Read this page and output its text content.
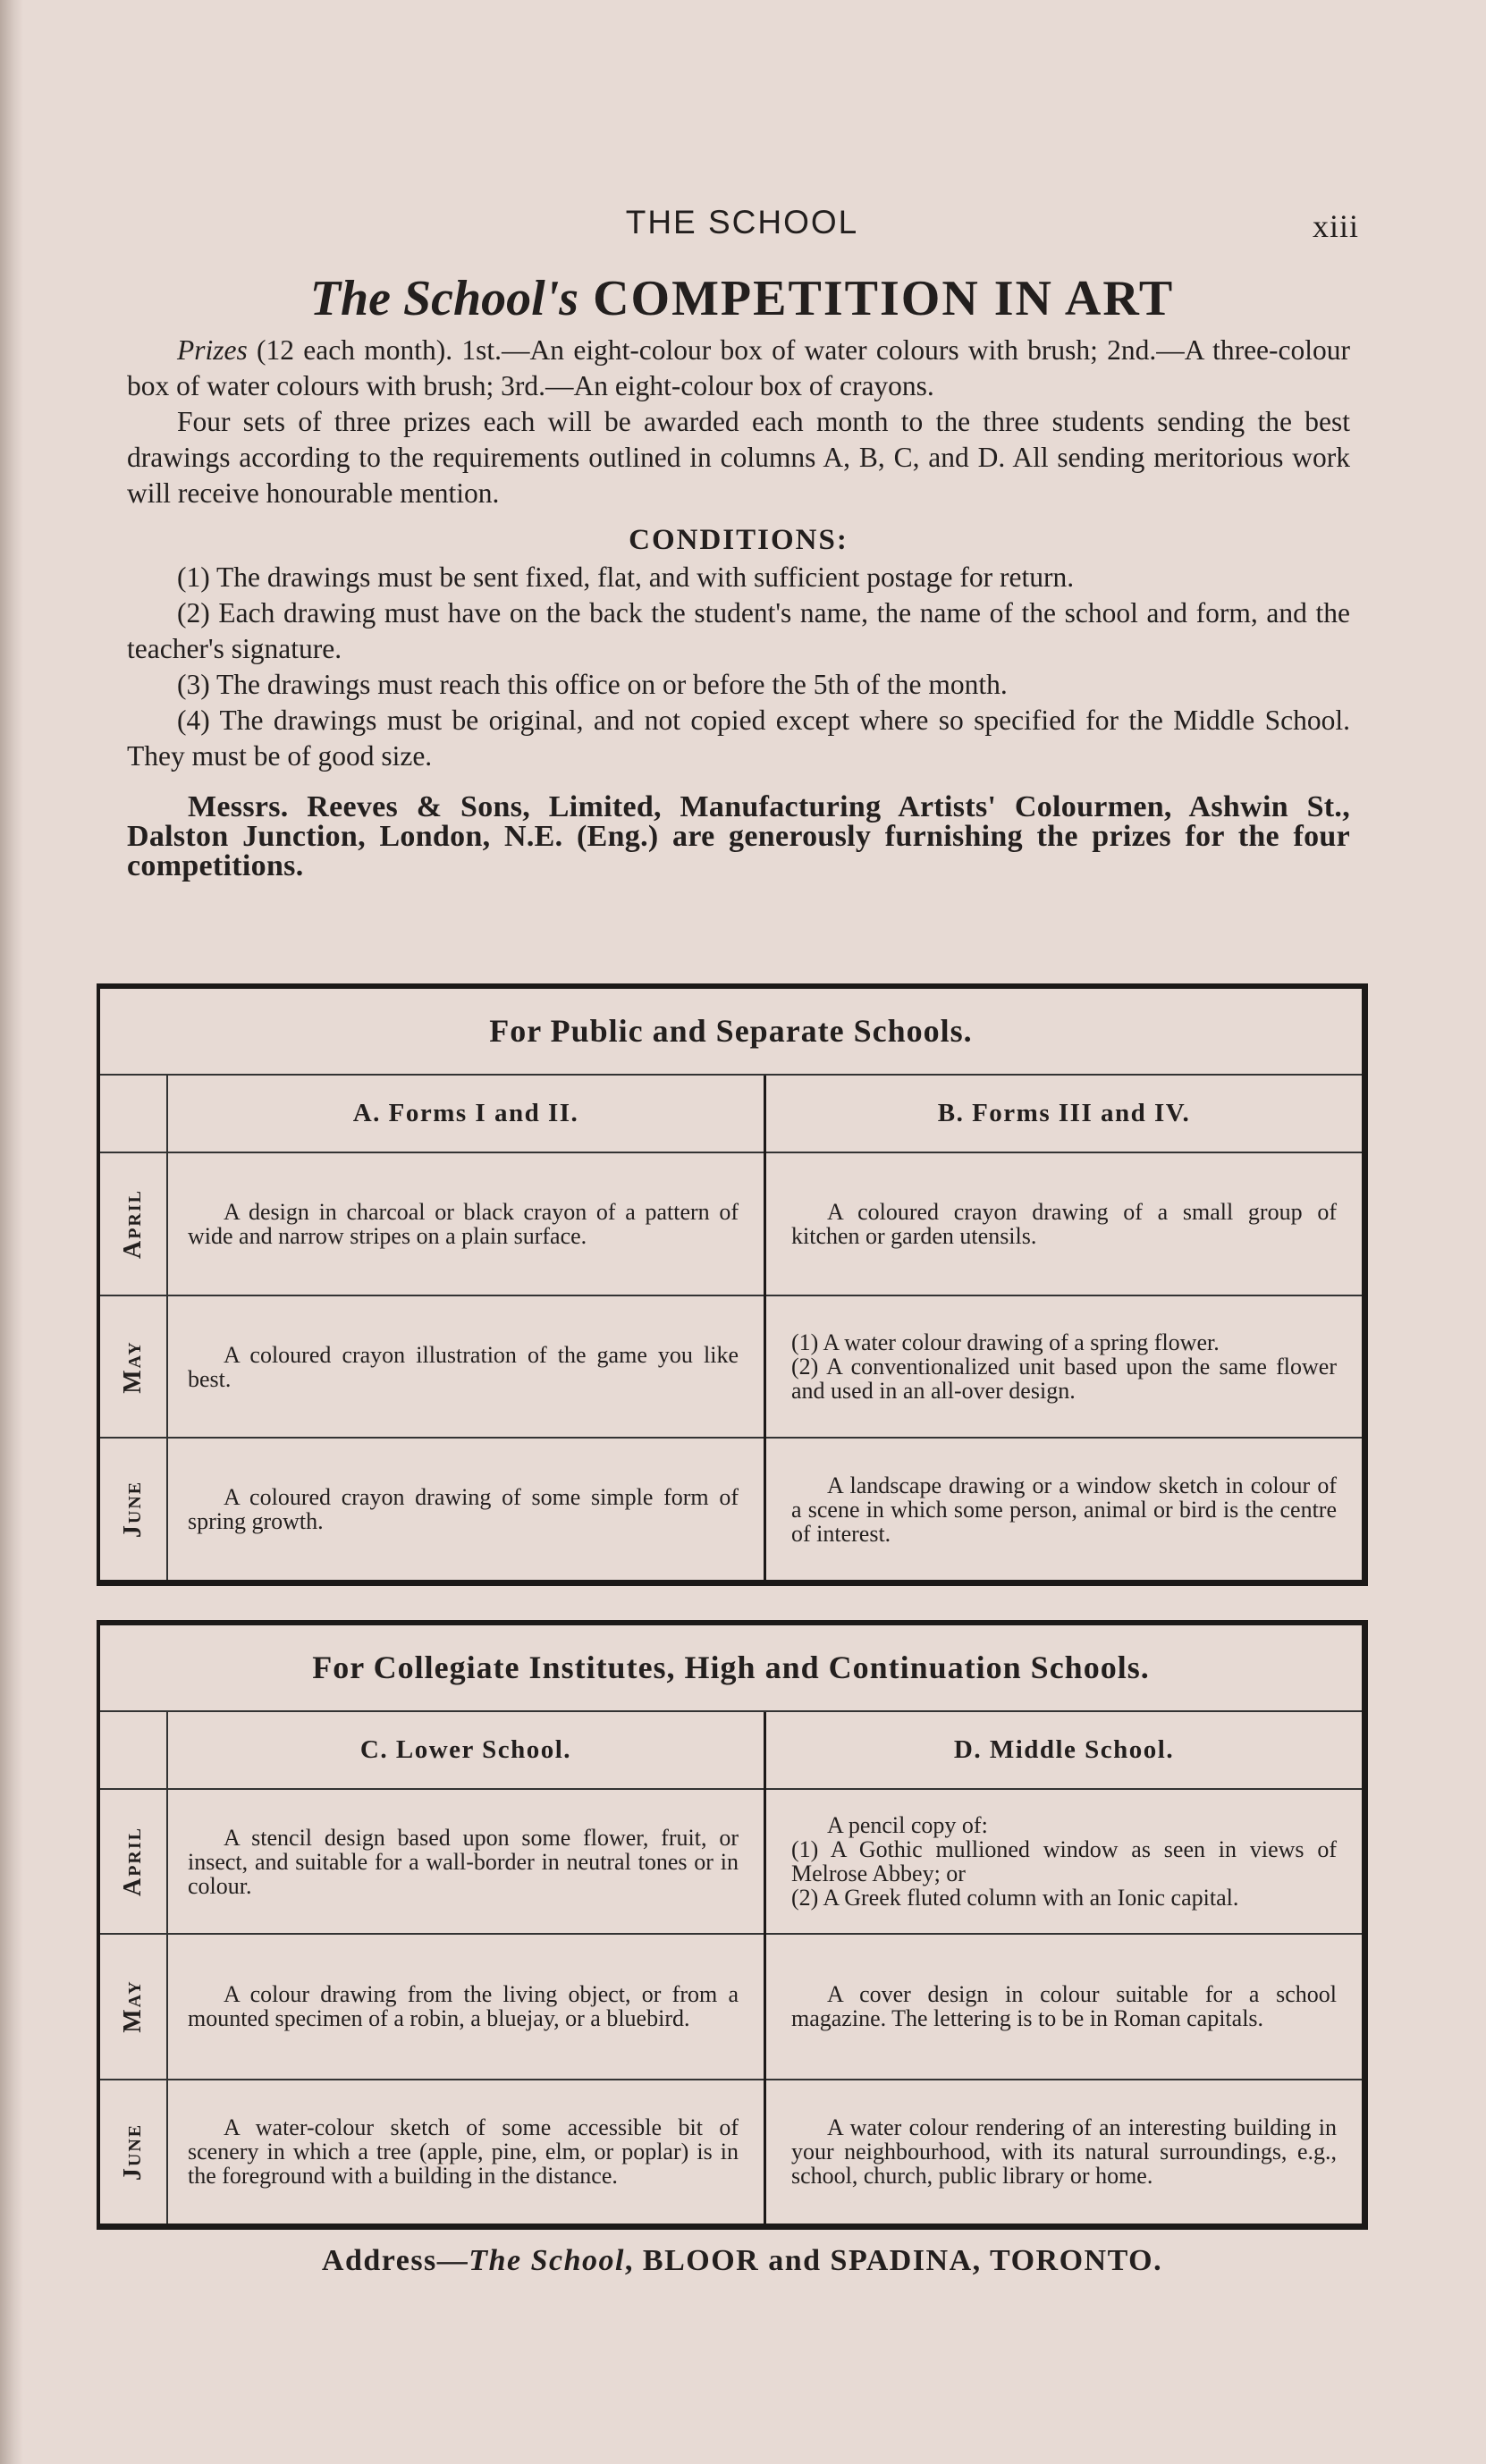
THE SCHOOL	xiii
The School's COMPETITION IN ART

Prizes (12 each month). 1st.—An eight-colour box of water colours with brush; 2nd.—A three-colour box of water colours with brush; 3rd.—An eight-colour box of crayons.

Four sets of three prizes each will be awarded each month to the three students sending the best drawings according to the requirements outlined in columns A, B, C, and D. All sending meritorious work will receive honourable mention.

CONDITIONS:

(1) The drawings must be sent fixed, flat, and with sufficient postage for return.

(2) Each drawing must have on the back the student's name, the name of the school and form, and the teacher's signature.

(3) The drawings must reach this office on or before the 5th of the month.

(4) The drawings must be original, and not copied except where so specified for the Middle School. They must be of good size.

Messrs. Reeves & Sons, Limited, Manufacturing Artists' Colourmen, Ashwin St., Dalston Junction, London, N.E. (Eng.) are generously furnishing the prizes for the four competitions.

For Public and Separate Schools.
April
May
June
A. Forms I and II.
A design in charcoal or black crayon of a pattern of wide and narrow stripes on a plain surface.
A coloured crayon illustration of the game you like best.
A coloured crayon drawing of some simple form of spring growth.
B. Forms III and IV.
A coloured crayon drawing of a small group of kitchen or garden utensils.
(1) A water colour drawing of a spring flower.
(2) A conventionalized unit based upon the same flower and used in an all-over design.
A landscape drawing or a window sketch in colour of a scene in which some person, animal or bird is the centre of interest.
For Collegiate Institutes, High and Continuation Schools.
April
May
June
C. Lower School.
A stencil design based upon some flower, fruit, or insect, and suitable for a wall-border in neutral tones or in colour.
A colour drawing from the living object, or from a mounted specimen of a robin, a bluejay, or a bluebird.
A water-colour sketch of some accessible bit of scenery in which a tree (apple, pine, elm, or poplar) is in the foreground with a building in the distance.
D. Middle School.
A pencil copy of:
(1) A Gothic mullioned window as seen in views of Melrose Abbey; or
(2) A Greek fluted column with an Ionic capital.
A cover design in colour suitable for a school magazine. The lettering is to be in Roman capitals.
A water colour rendering of an interesting building in your neighbourhood, with its natural surroundings, e.g., school, church, public library or home.
Address—The School, BLOOR and SPADINA, TORONTO.
